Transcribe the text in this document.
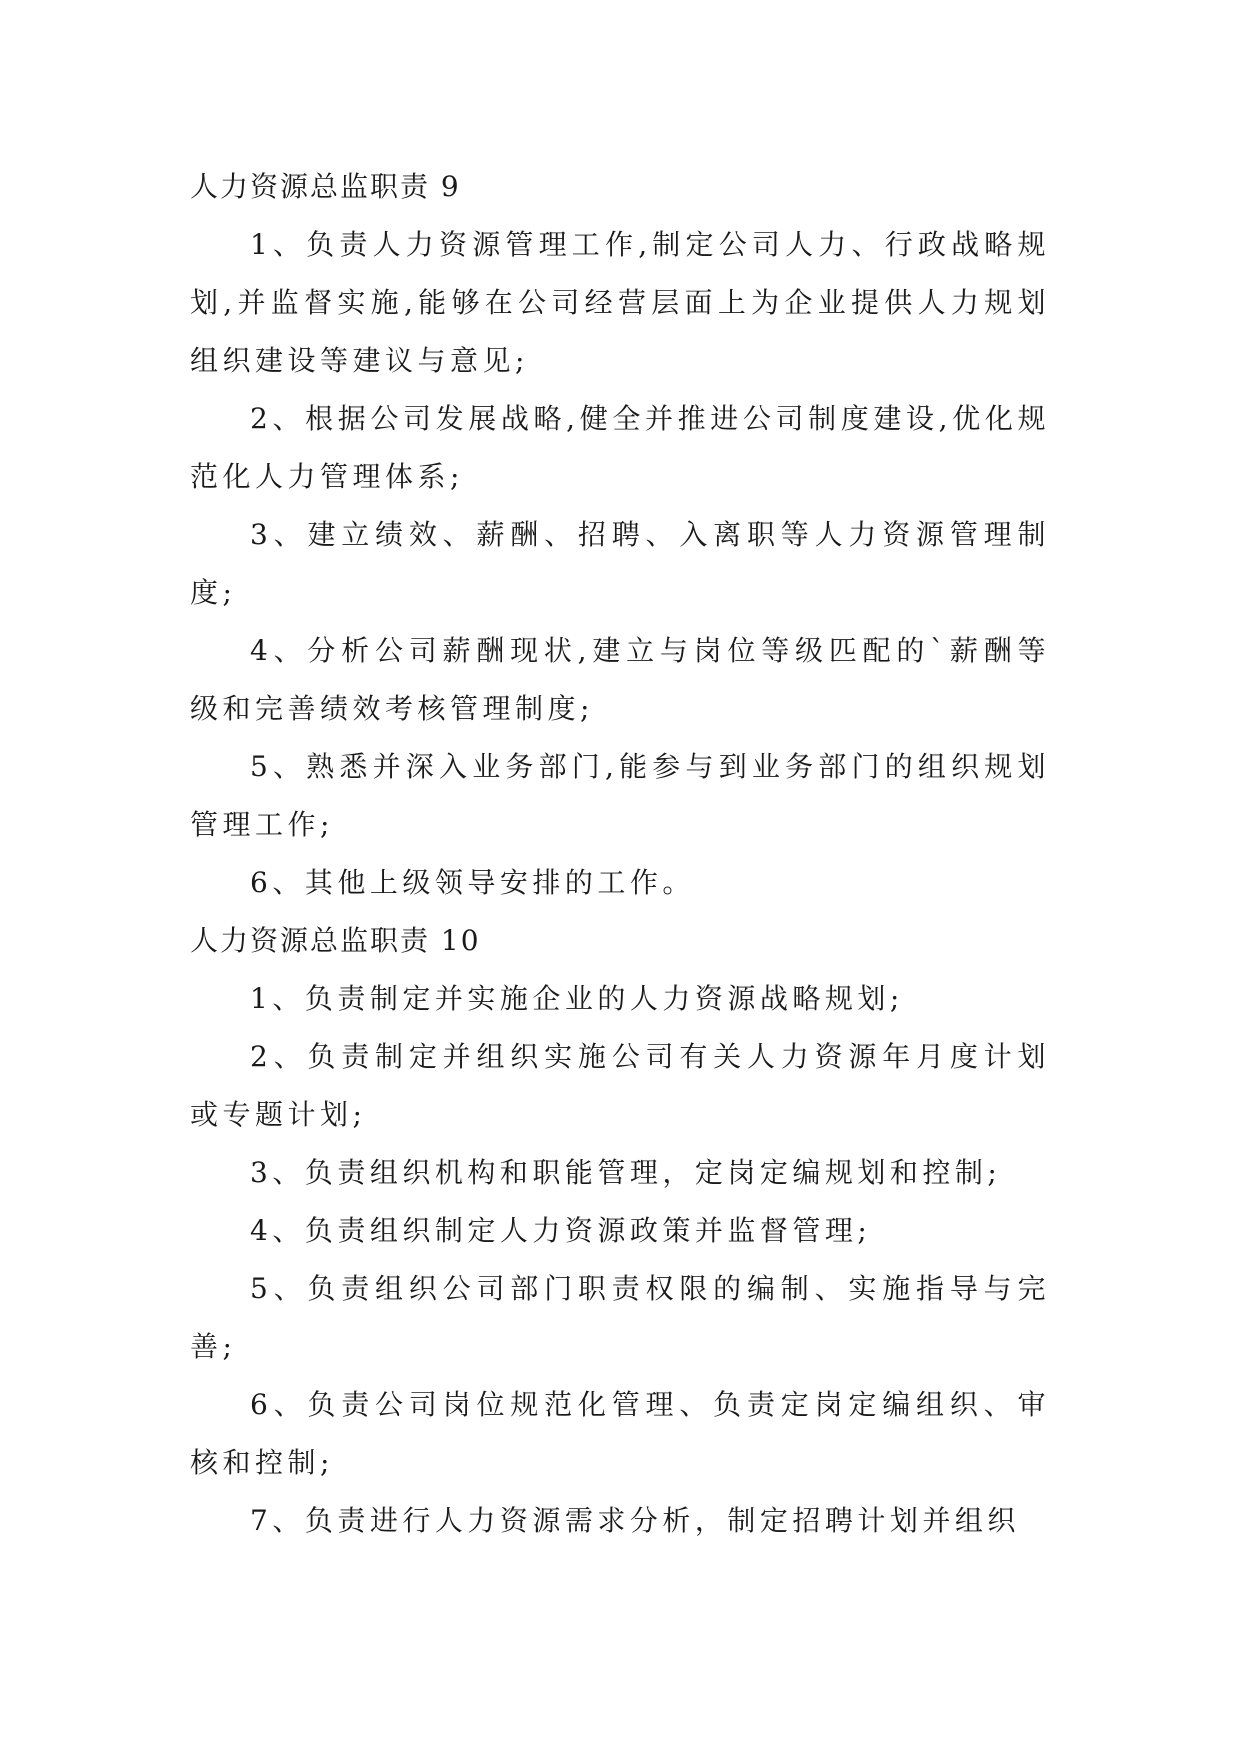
人力资源总监职责 9

1、负责人力资源管理工作,制定公司人力、行政战略规划,并监督实施,能够在公司经营层面上为企业提供人力规划组织建设等建议与意见;

2、根据公司发展战略,健全并推进公司制度建设,优化规范化人力管理体系;

3、建立绩效、薪酬、招聘、入离职等人力资源管理制度;

4、分析公司薪酬现状,建立与岗位等级匹配的`薪酬等级和完善绩效考核管理制度;

5、熟悉并深入业务部门,能参与到业务部门的组织规划管理工作;

6、其他上级领导安排的工作。

人力资源总监职责 10

1、负责制定并实施企业的人力资源战略规划;

2、负责制定并组织实施公司有关人力资源年月度计划或专题计划;

3、负责组织机构和职能管理，定岗定编规划和控制;

4、负责组织制定人力资源政策并监督管理;

5、负责组织公司部门职责权限的编制、实施指导与完善;

6、负责公司岗位规范化管理、负责定岗定编组织、审核和控制;

7、负责进行人力资源需求分析，制定招聘计划并组织
